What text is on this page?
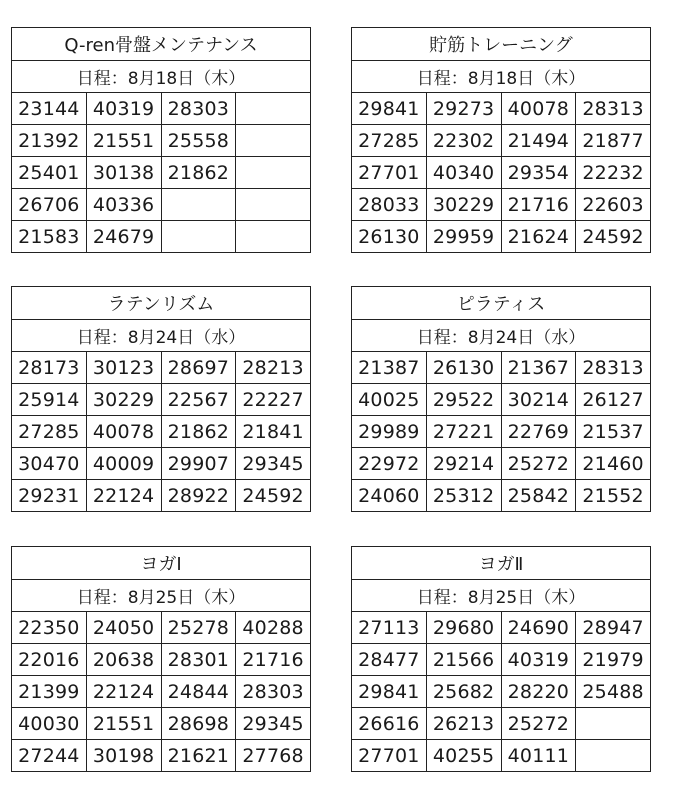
Q-ren骨盤メンテナンス			
日程：8月18日（木）			
23144	40319	28303	
21392	21551	25558	
25401	30138	21862	
26706	40336		
21583	24679		
貯筋トレーニング			
日程：8月18日（木）			
29841	29273	40078	28313
27285	22302	21494	21877
27701	40340	29354	22232
28033	30229	21716	22603
26130	29959	21624	24592
ラテンリズム			
日程：8月24日（水）			
28173	30123	28697	28213
25914	30229	22567	22227
27285	40078	21862	21841
30470	40009	29907	29345
29231	22124	28922	24592
ピラティス			
日程：8月24日（水）			
21387	26130	21367	28313
40025	29522	30214	26127
29989	27221	22769	21537
22972	29214	25272	21460
24060	25312	25842	21552
ヨガⅠ			
日程：8月25日（木）			
22350	24050	25278	40288
22016	20638	28301	21716
21399	22124	24844	28303
40030	21551	28698	29345
27244	30198	21621	27768
ヨガⅡ			
日程：8月25日（木）			
27113	29680	24690	28947
28477	21566	40319	21979
29841	25682	28220	25488
26616	26213	25272	
27701	40255	40111	
